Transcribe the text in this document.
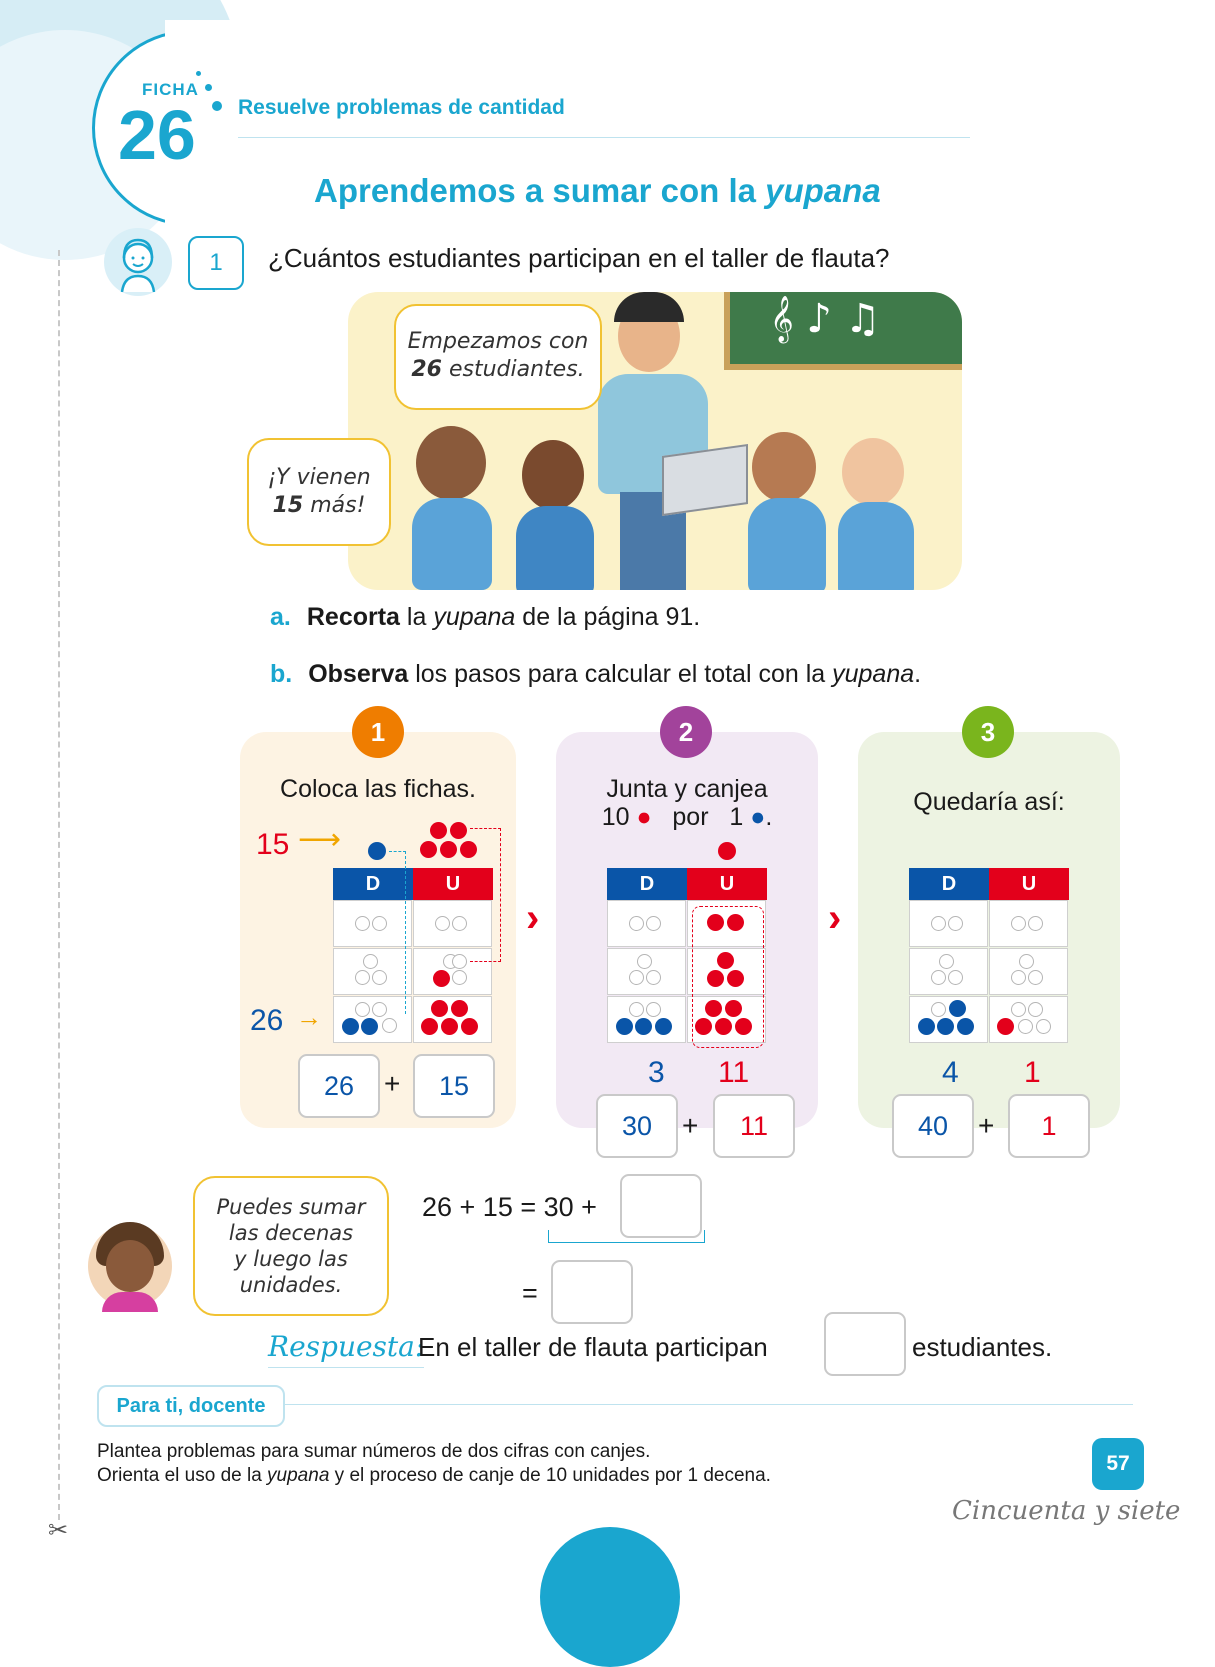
FICHA
26 Resuelve problemas de cantidad
Aprendemos a sumar con la yupana
1	¿Cuántos estudiantes participan en el taller de flauta?
𝄞 ♪ ♫
Empezamos con
26 estudiantes.
¡Y vienen
15 más!
a. Recorta la yupana de la página 91.
b. Observa los pasos para calcular el total con la yupana.
1	2	3
Coloca las fichas.
15 ⟶
26 →
D	U
26	+	15
›
Junta y canjea
10 ● por 1 ●.
D	U
3 11
30	+	11
›
Quedaría así:
D	U
4 1
40	+	1
Puedes sumar
las decenas
y luego las
unidades.
26 + 15 = 30 +
=
Respuesta:
En el taller de flauta participan	estudiantes.
Para ti, docente
Plantea problemas para sumar números de dos cifras con canjes.
Orienta el uso de la yupana y el proceso de canje de 10 unidades por 1 decena.
57
Cincuenta y siete
✂
